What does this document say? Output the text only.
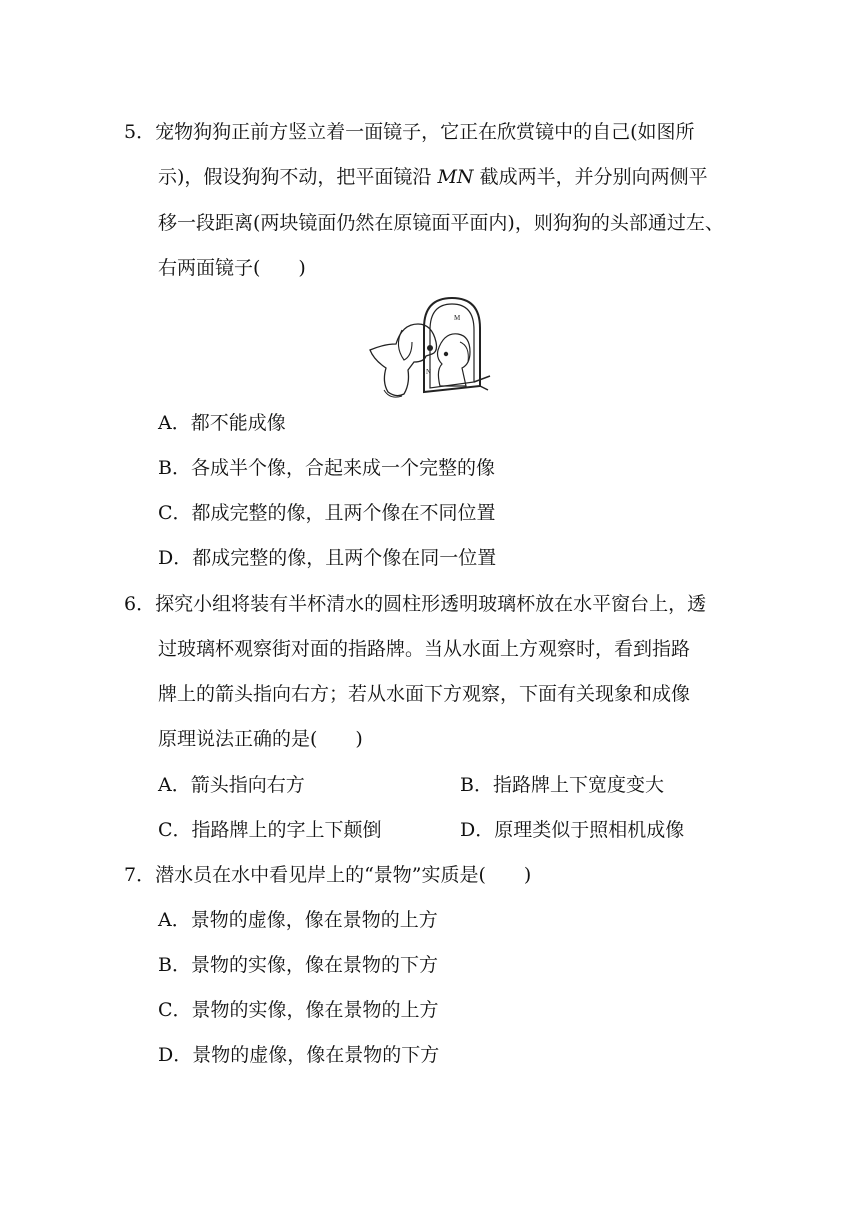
5．宠物狗狗正前方竖立着一面镜子，它正在欣赏镜中的自己(如图所
示)，假设狗狗不动，把平面镜沿 MN 截成两半，并分别向两侧平
移一段距离(两块镜面仍然在原镜面平面内)，则狗狗的头部通过左、
右两面镜子(　　)
M
N
A．都不能成像
B．各成半个像，合起来成一个完整的像
C．都成完整的像，且两个像在不同位置
D．都成完整的像，且两个像在同一位置
6．探究小组将装有半杯清水的圆柱形透明玻璃杯放在水平窗台上，透
过玻璃杯观察街对面的指路牌。当从水面上方观察时，看到指路
牌上的箭头指向右方；若从水面下方观察，下面有关现象和成像
原理说法正确的是(　　)
A．箭头指向右方	B．指路牌上下宽度变大
C．指路牌上的字上下颠倒	D．原理类似于照相机成像
7．潜水员在水中看见岸上的“景物”实质是(　　)
A．景物的虚像，像在景物的上方
B．景物的实像，像在景物的下方
C．景物的实像，像在景物的上方
D．景物的虚像，像在景物的下方
